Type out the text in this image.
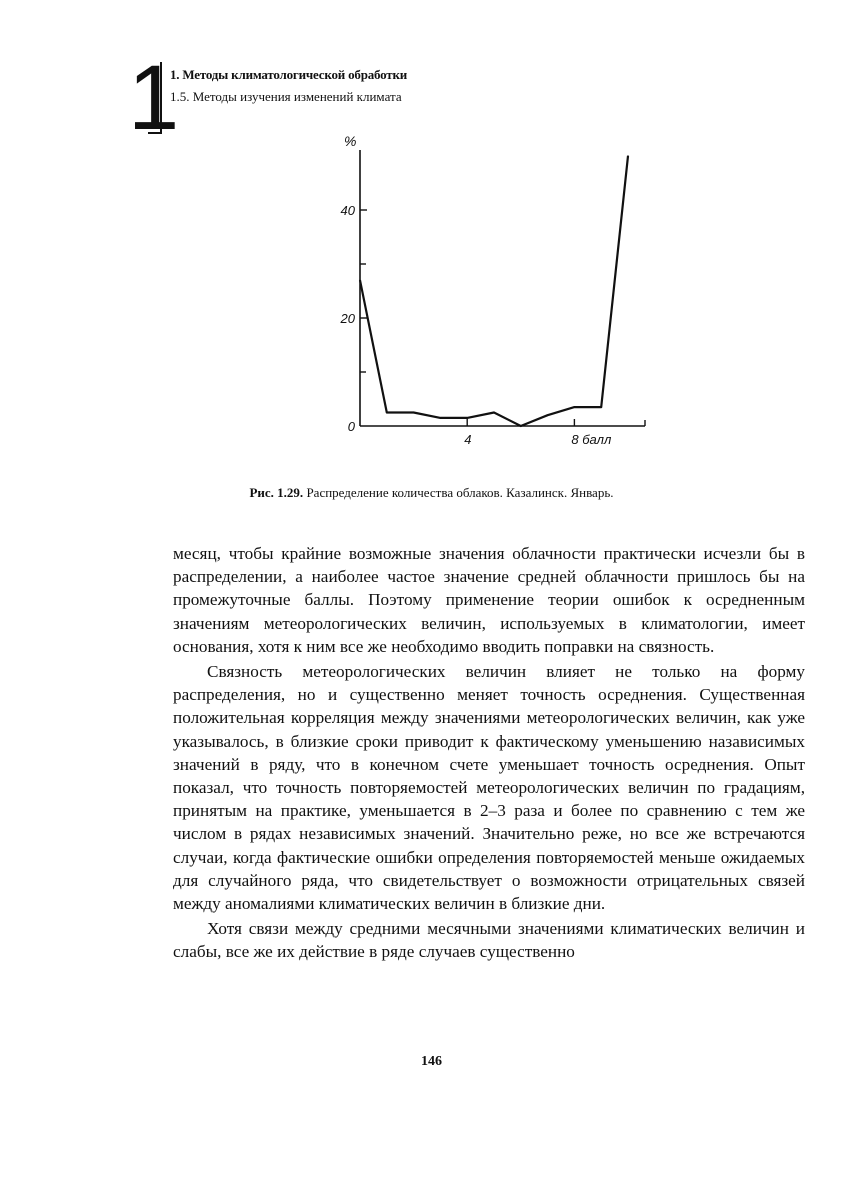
1
1. Методы климатологической обработки
1.5. Методы изучения изменений климата
0
20
40
4	8 балл
%
Рис. 1.29. Распределение количества облаков. Казалинск. Январь.

месяц, чтобы крайние возможные значения облачности практически исчезли бы в распределении, а наиболее частое значение средней облачности пришлось бы на промежуточные баллы. Поэтому применение теории ошибок к осредненным значениям метеорологических величин, используемых в климатологии, имеет основания, хотя к ним все же необходимо вводить поправки на связность.

Связность метеорологических величин влияет не только на форму распределения, но и существенно меняет точность осреднения. Существенная положительная корреляция между значениями метеорологических величин, как уже указывалось, в близкие сроки приводит к фактическому уменьшению назависимых значений в ряду, что в конечном счете уменьшает точность осреднения. Опыт показал, что точность повторяемостей метеорологических величин по градациям, принятым на практике, уменьшается в 2–3 раза и более по сравнению с тем же числом в рядах независимых значений. Значительно реже, но все же встречаются случаи, когда фактические ошибки определения повторяемостей меньше ожидаемых для случайного ряда, что свидетельствует о возможности отрицательных связей между аномалиями климатических величин в близкие дни.

Хотя связи между средними месячными значениями климатических величин и слабы, все же их действие в ряде случаев существенно

146
